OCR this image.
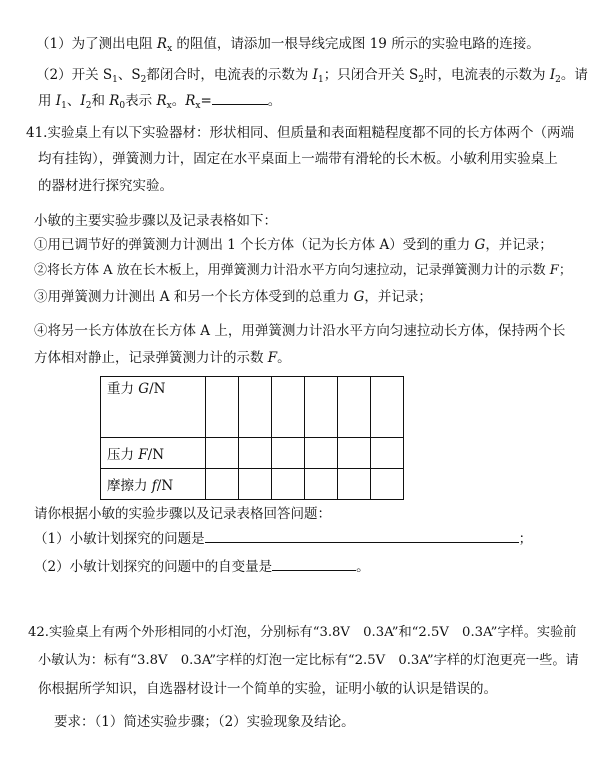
（1）为了测出电阻 $R_x$ 的阻值，请添加一根导线完成图 19 所示的实验电路的连接。
（2）开关 $S_1$、$S_2$都闭合时，电流表的示数为 $I_1$；只闭合开关 $S_2$时，电流表的示数为 $I_2$。请
用 $I_1$、$I_2$和 $R_0$表示 $R_x$。$R_x=$	。
41.实验桌上有以下实验器材：形状相同、但质量和表面粗糙程度都不同的长方体两个（两端
均有挂钩），弹簧测力计，固定在水平桌面上一端带有滑轮的长木板。小敏利用实验桌上
的器材进行探究实验。
小敏的主要实验步骤以及记录表格如下：
①用已调节好的弹簧测力计测出 1 个长方体（记为长方体 A）受到的重力 G，并记录；
②将长方体 A 放在长木板上，用弹簧测力计沿水平方向匀速拉动，记录弹簧测力计的示数 F；
③用弹簧测力计测出 A 和另一个长方体受到的总重力 G，并记录；
④将另一长方体放在长方体 A 上，用弹簧测力计沿水平方向匀速拉动长方体，保持两个长
方体相对静止，记录弹簧测力计的示数 F。
重力 G/N						
压力 F/N						
摩擦力 f/N						
请你根据小敏的实验步骤以及记录表格回答问题：
（1）小敏计划探究的问题是	；
（2）小敏计划探究的问题中的自变量是	。
42.实验桌上有两个外形相同的小灯泡，分别标有“3.8V　0.3A”和“2.5V　0.3A”字样。实验前
小敏认为：标有“3.8V　0.3A”字样的灯泡一定比标有“2.5V　0.3A”字样的灯泡更亮一些。请
你根据所学知识，自选器材设计一个简单的实验，证明小敏的认识是错误的。
要求：（1）简述实验步骤；（2）实验现象及结论。
